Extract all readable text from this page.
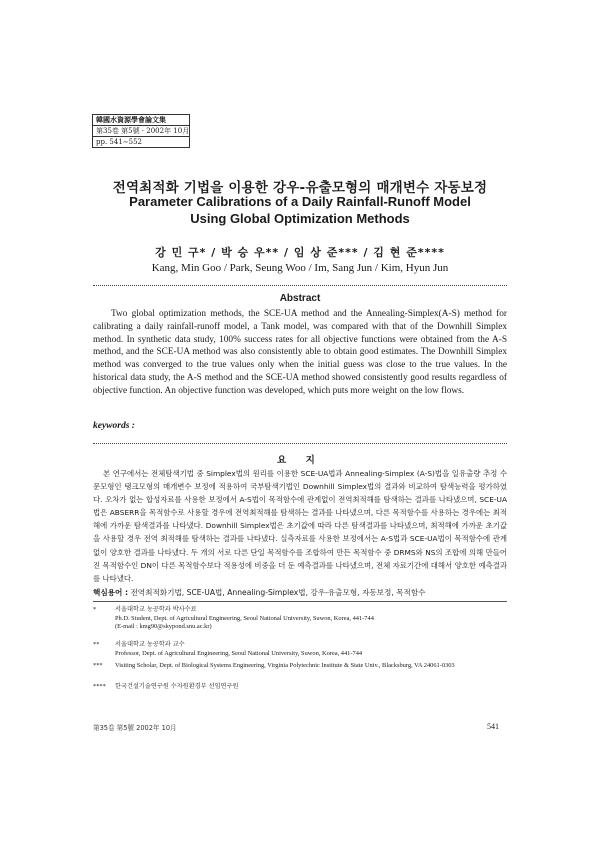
韓國水資源學會論文集
第35卷 第5號 · 2002年 10月
pp. 541∼552
전역최적화 기법을 이용한 강우-유출모형의 매개변수 자동보정
Parameter Calibrations of a Daily Rainfall-Runoff Model
Using Global Optimization Methods
강 민 구* / 박 승 우** / 임 상 준*** / 김 현 준****
Kang, Min Goo / Park, Seung Woo / Im, Sang Jun / Kim, Hyun Jun
Abstract

Two global optimization methods, the SCE-UA method and the Annealing-Simplex(A-S) method for calibrating a daily rainfall-runoff model, a Tank model, was compared with that of the Downhill Simplex method. In synthetic data study, 100% success rates for all objective functions were obtained from the A-S method, and the SCE-UA method was also consistently able to obtain good estimates. The Downhill Simplex method was converged to the true values only when the initial guess was close to the true values. In the historical data study, the A-S method and the SCE-UA method showed consistently good results regardless of objective function. An objective function was developed, which puts more weight on the low flows.

keywords :
요 지

본 연구에서는 전체탐색기법 중 Simplex법의 원리를 이용한 SCE-UA법과 Annealing-Simplex (A-S)법을 일유출량 추정 수문모형인 탱크모형의 매개변수 보정에 적용하여 국부탐색기법인 Downhill Simplex법의 결과와 비교하여 탐색능력을 평가하였다. 오차가 없는 합성자료를 사용한 보정에서 A-S법이 목적함수에 관계없이 전역최적해를 탐색하는 결과를 나타냈으며, SCE-UA법은 ABSERR을 목적함수로 사용할 경우에 전역최적해를 탐색하는 결과를 나타냈으며, 다른 목적함수를 사용하는 경우에는 최적해에 가까운 탐색결과를 나타냈다. Downhill Simplex법은 초기값에 따라 다른 탐색결과를 나타냈으며, 최적해에 가까운 초기값을 사용할 경우 전역 최적해를 탐색하는 결과를 나타냈다. 실측자료를 사용한 보정에서는 A-S법과 SCE-UA법이 목적함수에 관계없이 양호한 결과를 나타냈다. 두 개의 서로 다른 단일 목적함수를 조합하여 만든 목적함수 중 DRMS와 NS의 조합에 의해 만들어진 목적함수인 DN이 다른 목적함수보다 적용성에 비중을 더 둔 예측결과를 나타냈으며, 전체 자료기간에 대해서 양호한 예측결과를 나타냈다.

핵심용어 : 전역최적화기법, SCE-UA법, Annealing-Simplex법, 강우-유출모형, 자동보정, 목적함수
*	서울대학교 농공학과 박사수료
Ph.D. Student, Dept. of Agricultural Engineering, Seoul National University, Suwon, Korea, 441-744
(E-mail : kmg90@skypond.snu.ac.kr)
**	서울대학교 농공학과 교수
Professor, Dept. of Agricultural Engineering, Seoul National University, Suwon, Korea, 441-744
***	Visiting Scholar, Dept. of Biological Systems Engineering, Virginia Polytechnic Institute & State Univ., Blacksburg, VA 24061-0303
****	한국건설기술연구원 수자원환경부 선임연구원
第35卷 第5號 2002年 10月	541
